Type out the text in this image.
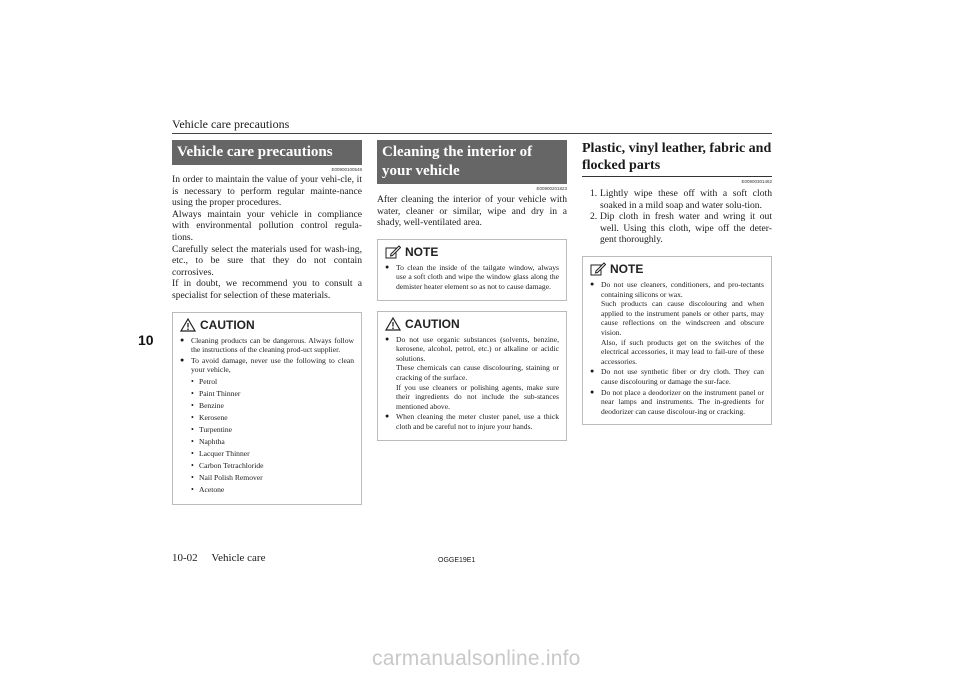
Vehicle care precautions
10
Vehicle care precautions
E00900100548

In order to maintain the value of your vehi-cle, it is necessary to perform regular mainte-nance using the proper procedures.

Always maintain your vehicle in compliance with environmental pollution control regula-tions.

Carefully select the materials used for wash-ing, etc., to be sure that they do not contain corrosives.

If in doubt, we recommend you to consult a specialist for selection of these materials.

CAUTION
● Cleaning products can be dangerous. Always follow the instructions of the cleaning prod-uct supplier.
● To avoid damage, never use the following to clean your vehicle,
• Petrol
• Paint Thinner
• Benzine
• Kerosene
• Turpentine
• Naphtha
• Lacquer Thinner
• Carbon Tetrachloride
• Nail Polish Remover
• Acetone
Cleaning the interior of your vehicle
E00900201823

After cleaning the interior of your vehicle with water, cleaner or similar, wipe and dry in a shady, well-ventilated area.

NOTE
● To clean the inside of the tailgate window, always use a soft cloth and wipe the window glass along the demister heater element so as not to cause damage.
CAUTION
● Do not use organic substances (solvents, benzine, kerosene, alcohol, petrol, etc.) or alkaline or acidic solutions.
These chemicals can cause discolouring, staining or cracking of the surface.
If you use cleaners or polishing agents, make sure their ingredients do not include the sub-stances mentioned above.
● When cleaning the meter cluster panel, use a thick cloth and be careful not to injure your hands.
Plastic, vinyl leather, fabric and flocked parts
E00900301462
1. Lightly wipe these off with a soft cloth soaked in a mild soap and water solu-tion.
2. Dip cloth in fresh water and wring it out well. Using this cloth, wipe off the deter-gent thoroughly.
NOTE
● Do not use cleaners, conditioners, and pro-tectants containing silicons or wax.
Such products can cause discolouring and when applied to the instrument panels or other parts, may cause reflections on the windscreen and obscure vision.
Also, if such products get on the switches of the electrical accessories, it may lead to fail-ure of these accessories.
● Do not use synthetic fiber or dry cloth. They can cause discolouring or damage the sur-face.
● Do not place a deodorizer on the instrument panel or near lamps and instruments. The in-gredients for deodorizer can cause discolour-ing or cracking.
10-02 Vehicle care	OGGE19E1
carmanualsonline.info
